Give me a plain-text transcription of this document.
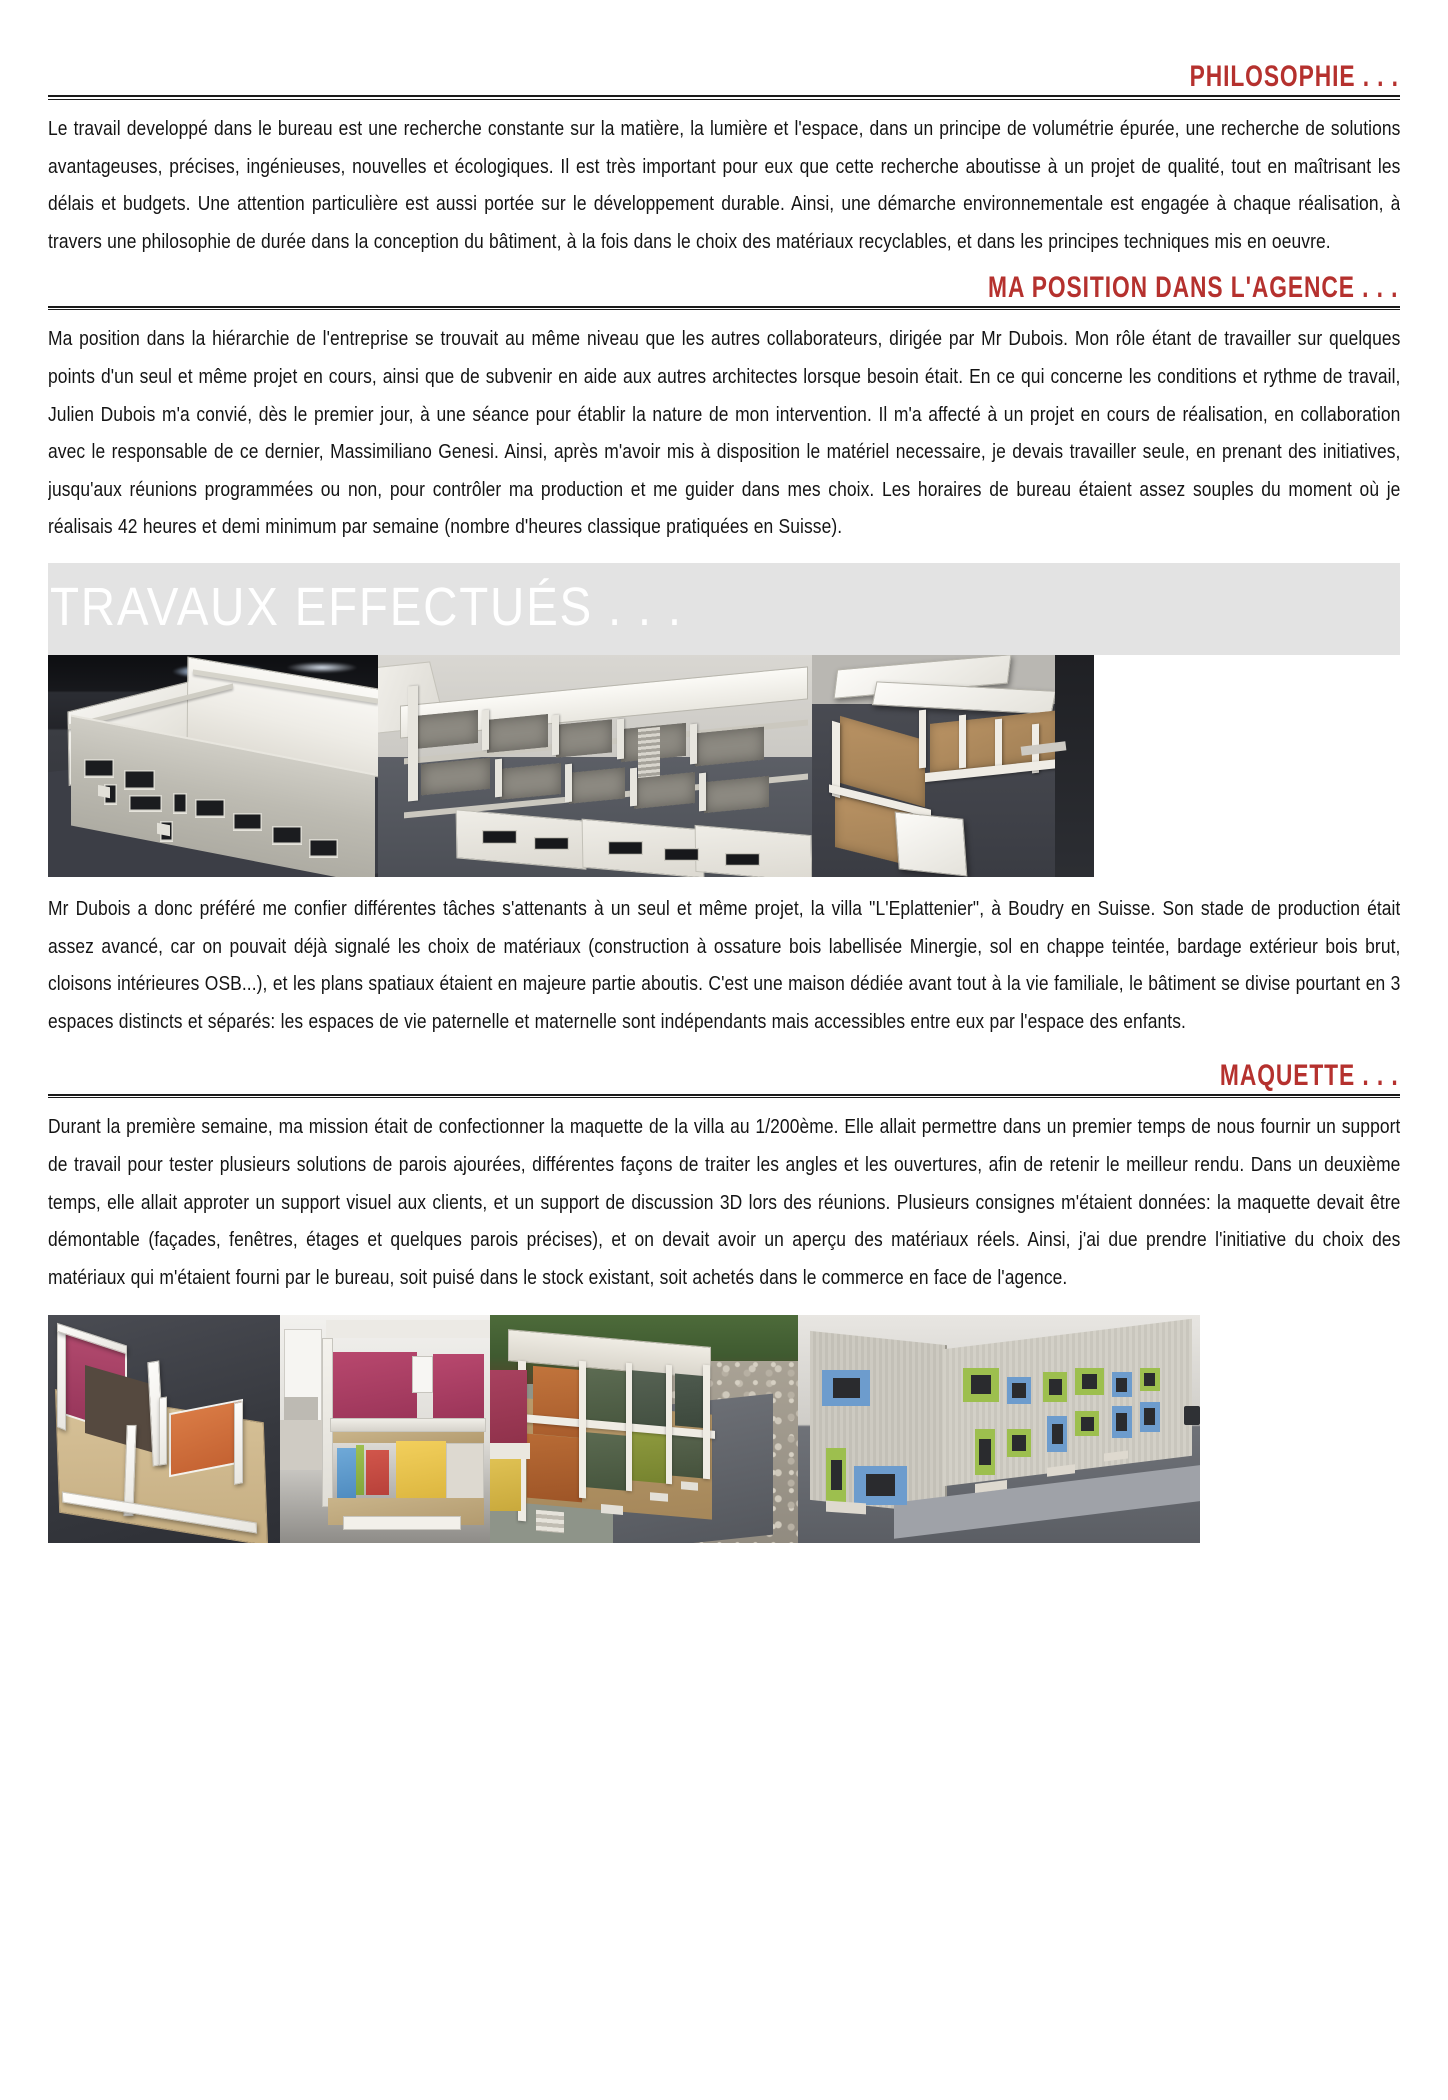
PHILOSOPHIE . . .
Le travail developpé dans le bureau est une recherche constante sur la matière, la lumière et l'espace, dans un principe de volumétrie épurée, une recherche de solutions avantageuses, précises, ingénieuses, nouvelles et écologiques. Il est très important pour eux que cette recherche aboutisse à un projet de qualité, tout en maîtrisant les délais et budgets. Une attention particulière est aussi portée sur le développement durable. Ainsi, une démarche environnementale est engagée à chaque réalisation, à travers une philosophie de durée dans la conception du bâtiment, à la fois dans le choix des matériaux recyclables, et dans les principes techniques mis en oeuvre.
MA POSITION DANS L'AGENCE . . .
Ma position dans la hiérarchie de l'entreprise se trouvait au même niveau que les autres collaborateurs, dirigée par Mr Dubois. Mon rôle étant de travailler sur quelques points d'un seul et même projet en cours, ainsi que de subvenir en aide aux autres architectes lorsque besoin était. En ce qui concerne les conditions et rythme de travail, Julien Dubois m'a convié, dès le premier jour, à une séance pour établir la nature de mon intervention. Il m'a affecté à un projet en cours de réalisation, en collaboration avec le responsable de ce dernier, Massimiliano Genesi. Ainsi, après m'avoir mis à disposition le matériel necessaire, je devais travailler seule, en prenant des initiatives, jusqu'aux réunions programmées ou non, pour contrôler ma production et me guider dans mes choix. Les horaires de bureau étaient assez souples du moment où je réalisais 42 heures et demi minimum par semaine (nombre d'heures classique pratiquées en Suisse).
TRAVAUX EFFECTUÉS . . .
Mr Dubois a donc préféré me confier différentes tâches s'attenants à un seul et même projet, la villa "L'Eplattenier", à Boudry en Suisse. Son stade de production était assez avancé, car on pouvait déjà signalé les choix de matériaux (construction à ossature bois labellisée Minergie, sol en chappe teintée, bardage extérieur bois brut, cloisons intérieures OSB...), et les plans spatiaux étaient en majeure partie aboutis. C'est une maison dédiée avant tout à la vie familiale, le bâtiment se divise pourtant en 3 espaces distincts et séparés: les espaces de vie paternelle et maternelle sont indépendants mais accessibles entre eux par l'espace des enfants.
MAQUETTE . . .
Durant la première semaine, ma mission était de confectionner la maquette de la villa au 1/200ème. Elle allait permettre dans un premier temps de nous fournir un support de travail pour tester plusieurs solutions de parois ajourées, différentes façons de traiter les angles et les ouvertures, afin de retenir le meilleur rendu. Dans un deuxième temps, elle allait approter un support visuel aux clients, et un support de discussion 3D lors des réunions. Plusieurs consignes m'étaient données: la maquette devait être démontable (façades, fenêtres, étages et quelques parois précises), et on devait avoir un aperçu des matériaux réels. Ainsi, j'ai due prendre l'initiative du choix des matériaux qui m'étaient fourni par le bureau, soit puisé dans le stock existant, soit achetés dans le commerce en face de l'agence.
